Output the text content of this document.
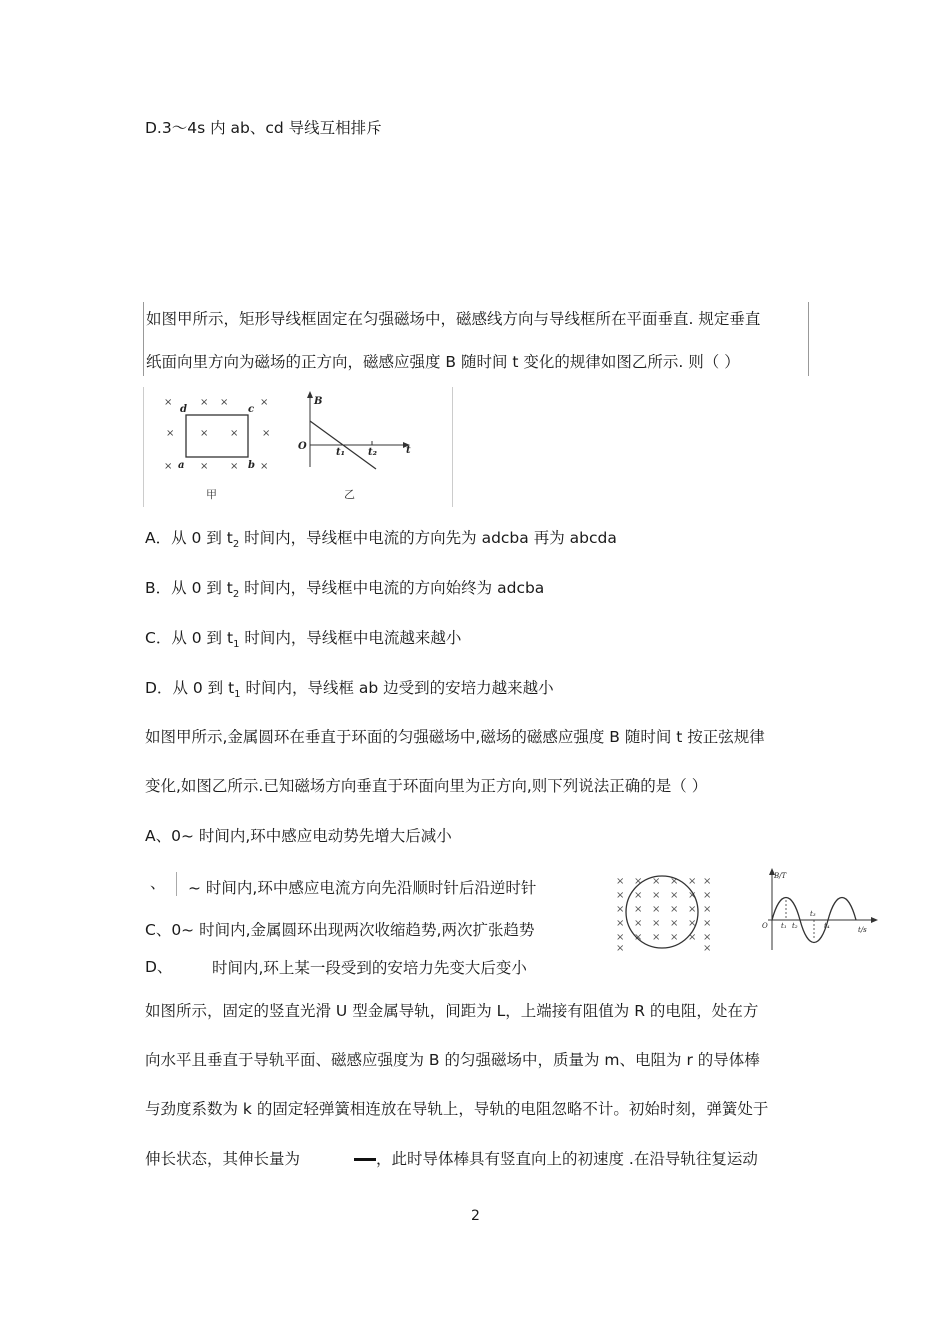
D.3～4s 内 ab、cd 导线互相排斥
如图甲所示，矩形导线框固定在匀强磁场中，磁感线方向与导线框所在平面垂直. 规定垂直
纸面向里方向为磁场的正方向，磁感应强度 B 随时间 t 变化的规律如图乙所示. 则（ ）
×	× ×	×
×	× × ×
×	× × ×
d	c
a	b
甲
B
O	t
t₁ t₂
乙
A．从 0 到 $t_2$ 时间内，导线框中电流的方向先为 adcba 再为 abcda
B．从 0 到 $t_2$ 时间内，导线框中电流的方向始终为 adcba
C．从 0 到 $t_1$ 时间内，导线框中电流越来越小
D．从 0 到 $t_1$ 时间内，导线框 ab 边受到的安培力越来越小
如图甲所示,金属圆环在垂直于环面的匀强磁场中,磁场的磁感应强度 B 随时间 t 按正弦规律
变化,如图乙所示.已知磁场方向垂直于环面向里为正方向,则下列说法正确的是（ ）
A、0~ 时间内,环中感应电动势先增大后减小
、 ~ 时间内,环中感应电流方向先沿顺时针后沿逆时针
C、0~ 时间内,金属圆环出现两次收缩趋势,两次扩张趋势
D、	时间内,环上某一段受到的安培力先变大后变小
× × × × × ×
× × × × × ×
× × × × × ×
× × × × × ×
× × × × × ×
×	×
B/T
O	t/s
t₁ t₂
t₃
t₄
如图所示，固定的竖直光滑 U 型金属导轨，间距为 L，上端接有阻值为 R 的电阻，处在方
向水平且垂直于导轨平面、磁感应强度为 B 的匀强磁场中，质量为 m、电阻为 r 的导体棒
与劲度系数为 k 的固定轻弹簧相连放在导轨上，导轨的电阻忽略不计。初始时刻，弹簧处于
伸长状态，其伸长量为	，此时导体棒具有竖直向上的初速度 .在沿导轨往复运动
2
